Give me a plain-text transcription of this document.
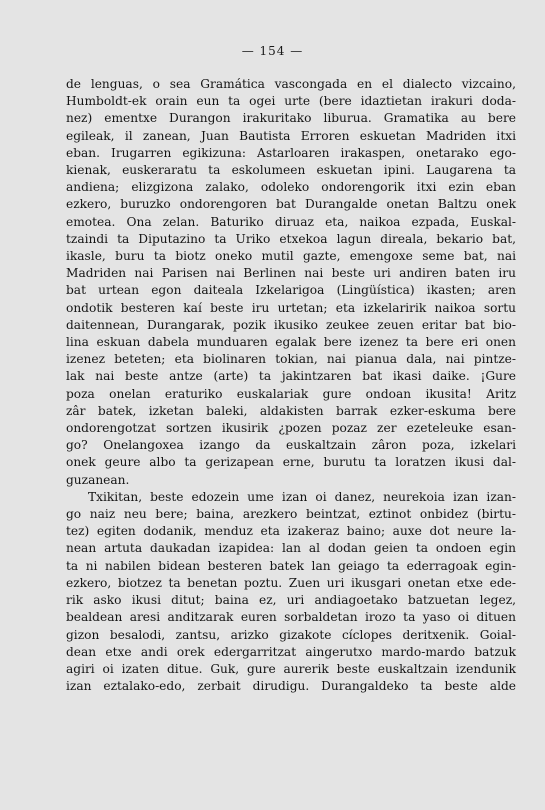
— 154 —
de lenguas, o sea Gramática vascongada en el dialecto vizcaino,
Humboldt-ek orain eun ta ogei urte (bere idaztietan irakuri doda-
nez) ementxe Durangon irakuritako liburua. Gramatika au bere
egileak, il zanean, Juan Bautista Erroren eskuetan Madriden itxi
eban. Irugarren egikizuna: Astarloaren irakaspen, onetarako ego-
kienak, euskeraratu ta eskolumeen eskuetan ipini. Laugarena ta
andiena; elizgizona zalako, odoleko ondorengorik itxi ezin eban
ezkero, buruzko ondorengoren bat Durangalde onetan Baltzu onek
emotea. Ona zelan. Baturiko diruaz eta, naikoa ezpada, Euskal-
tzaindi ta Diputazino ta Uriko etxekoa lagun direala, bekario bat,
ikasle, buru ta biotz oneko mutil gazte, emengoxe seme bat, nai
Madriden nai Parisen nai Berlinen nai beste uri andiren baten iru
bat urtean egon daiteala Izkelarigoa (Lingüística) ikasten; aren
ondotik besteren kaí beste iru urtetan; eta izkelaririk naikoa sortu
daitennean, Durangarak, pozik ikusiko zeukee zeuen eritar bat bio-
lina eskuan dabela munduaren egalak bere izenez ta bere eri onen
izenez beteten; eta biolinaren tokian, nai pianua dala, nai pintze-
lak nai beste antze (arte) ta jakintzaren bat ikasi daike. ¡Gure
poza onelan eraturiko euskalariak gure ondoan ikusita! Aritz
zâr batek, izketan baleki, aldakisten barrak ezker-eskuma bere
ondorengotzat sortzen ikusirik ¿pozen pozaz zer ezeteleuke esan-
go? Onelangoxea izango da euskaltzain zâron poza, izkelari
onek geure albo ta gerizapean erne, burutu ta loratzen ikusi dal-
guzanean.
Txikitan, beste edozein ume izan oi danez, neurekoia izan izan-
go naiz neu bere; baina, arezkero beintzat, eztinot onbidez (birtu-
tez) egiten dodanik, menduz eta izakeraz baino; auxe dot neure la-
nean artuta daukadan izapidea: lan al dodan geien ta ondoen egin
ta ni nabilen bidean besteren batek lan geiago ta ederragoak egin-
ezkero, biotzez ta benetan poztu. Zuen uri ikusgari onetan etxe ede-
rik asko ikusi ditut; baina ez, uri andiagoetako batzuetan legez,
bealdean aresi anditzarak euren sorbaldetan irozo ta yaso oi dituen
gizon besalodi, zantsu, arizko gizakote cíclopes deritxenik. Goial-
dean etxe andi orek edergarritzat aingerutxo mardo-mardo batzuk
agiri oi izaten ditue. Guk, gure aurerik beste euskaltzain izendunik
izan eztalako-edo, zerbait dirudigu. Durangaldeko ta beste alde
